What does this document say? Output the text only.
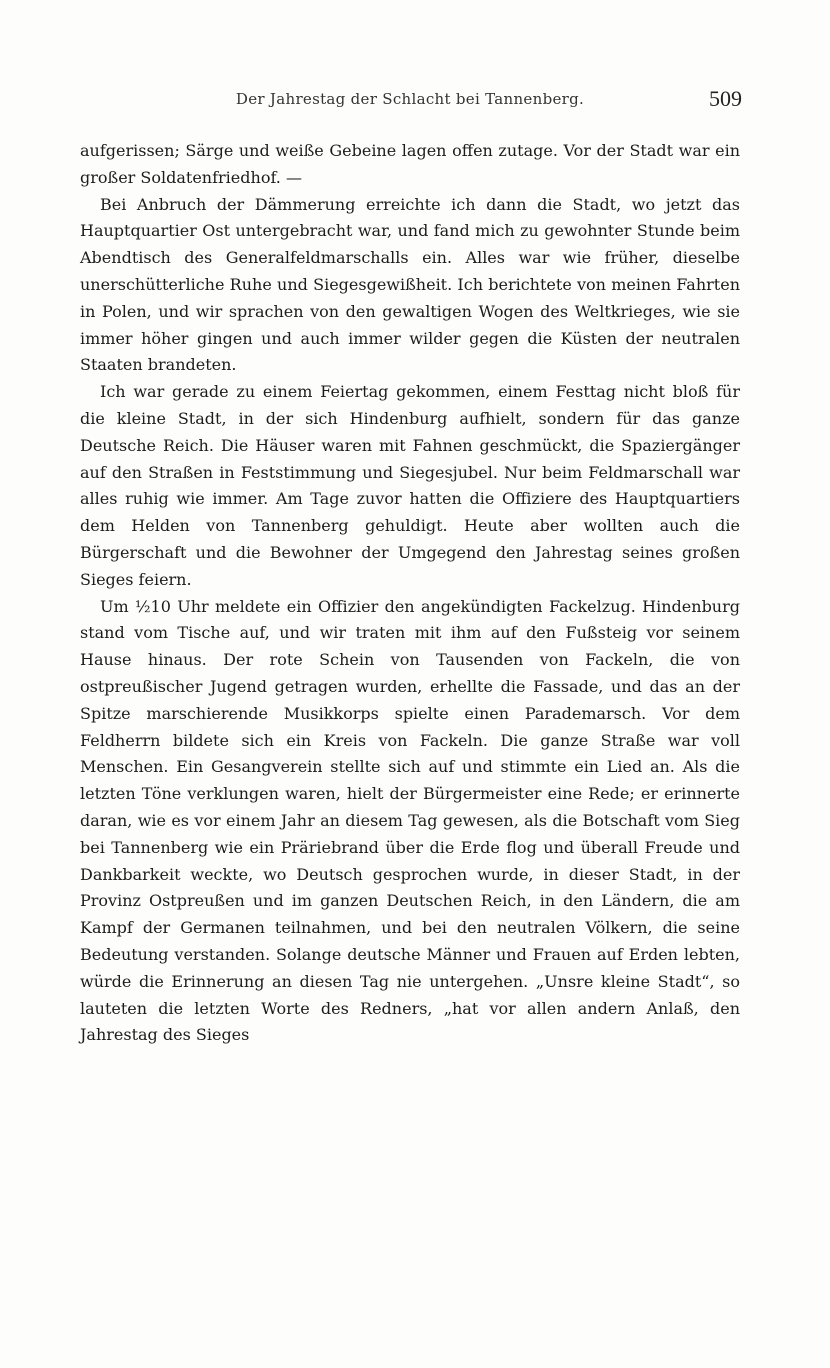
Der Jahrestag der Schlacht bei Tannenberg.	509

aufgerissen; Särge und weiße Gebeine lagen offen zutage. Vor der Stadt war ein großer Soldatenfriedhof. —

Bei Anbruch der Dämmerung erreichte ich dann die Stadt, wo jetzt das Hauptquartier Ost untergebracht war, und fand mich zu gewohnter Stunde beim Abendtisch des Generalfeldmarschalls ein. Alles war wie früher, dieselbe unerschütterliche Ruhe und Siegesgewißheit. Ich berichtete von meinen Fahrten in Polen, und wir sprachen von den gewaltigen Wogen des Weltkrieges, wie sie immer höher gingen und auch immer wilder gegen die Küsten der neutralen Staaten brandeten.

Ich war gerade zu einem Feiertag gekommen, einem Festtag nicht bloß für die kleine Stadt, in der sich Hindenburg aufhielt, sondern für das ganze Deutsche Reich. Die Häuser waren mit Fahnen geschmückt, die Spaziergänger auf den Straßen in Feststimmung und Siegesjubel. Nur beim Feldmarschall war alles ruhig wie immer. Am Tage zuvor hatten die Offiziere des Hauptquartiers dem Helden von Tannenberg gehuldigt. Heute aber wollten auch die Bürgerschaft und die Bewohner der Umgegend den Jahrestag seines großen Sieges feiern.

Um ½10 Uhr meldete ein Offizier den angekündigten Fackelzug. Hindenburg stand vom Tische auf, und wir traten mit ihm auf den Fußsteig vor seinem Hause hinaus. Der rote Schein von Tausenden von Fackeln, die von ostpreußischer Jugend getragen wurden, erhellte die Fassade, und das an der Spitze marschierende Musikkorps spielte einen Parademarsch. Vor dem Feldherrn bildete sich ein Kreis von Fackeln. Die ganze Straße war voll Menschen. Ein Gesangverein stellte sich auf und stimmte ein Lied an. Als die letzten Töne verklungen waren, hielt der Bürgermeister eine Rede; er erinnerte daran, wie es vor einem Jahr an diesem Tag gewesen, als die Botschaft vom Sieg bei Tannenberg wie ein Präriebrand über die Erde flog und überall Freude und Dankbarkeit weckte, wo Deutsch gesprochen wurde, in dieser Stadt, in der Provinz Ostpreußen und im ganzen Deutschen Reich, in den Ländern, die am Kampf der Germanen teilnahmen, und bei den neutralen Völkern, die seine Bedeutung verstanden. Solange deutsche Männer und Frauen auf Erden lebten, würde die Erinnerung an diesen Tag nie untergehen. „Unsre kleine Stadt“, so lauteten die letzten Worte des Redners, „hat vor allen andern Anlaß, den Jahrestag des Sieges
